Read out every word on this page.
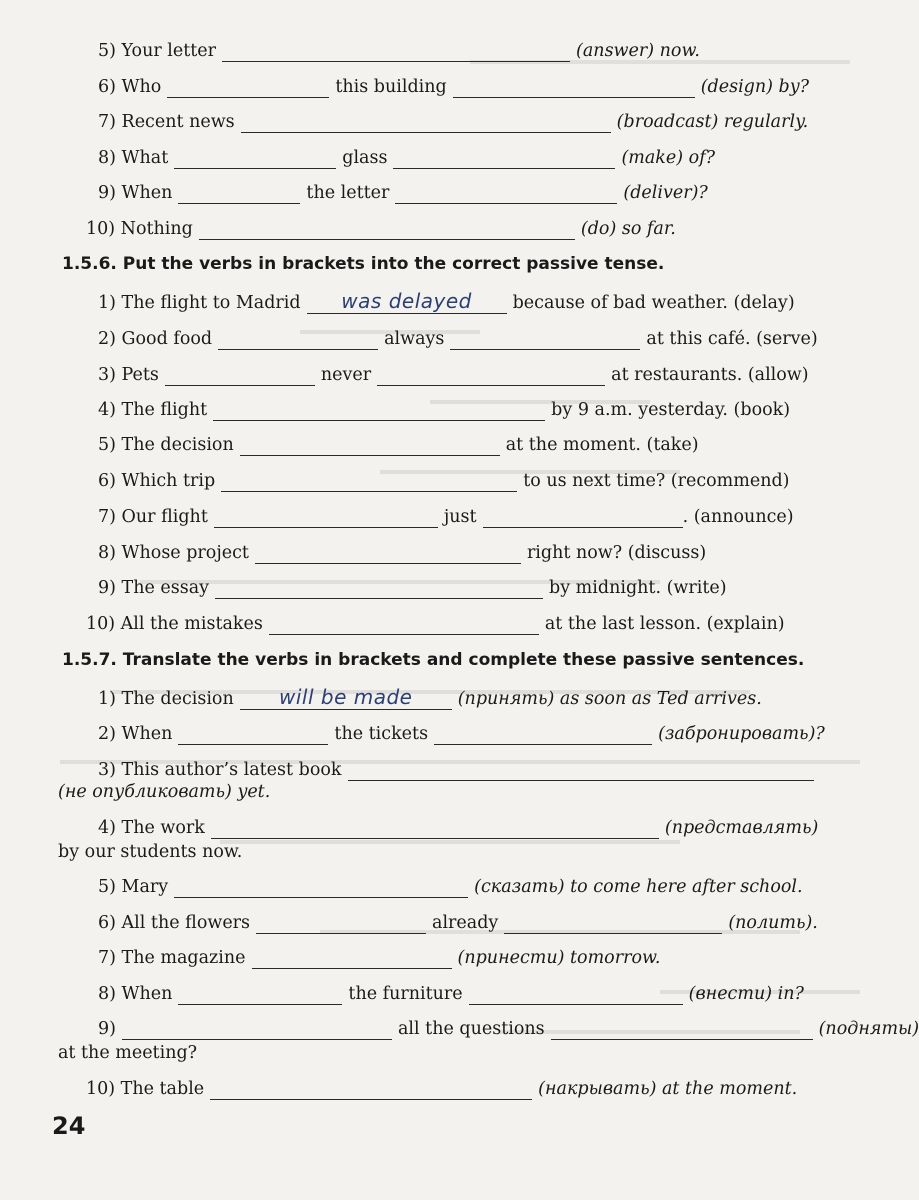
5) Your letter	(answer) now.
6) Who	this building	(design) by?
7) Recent news	(broadcast) regularly.
8) What	glass	(make) of?
9) When	the letter	(deliver)?
10) Nothing	(do) so far.
1.5.6. Put the verbs in brackets into the correct passive tense.
1) The flight to Madrid	was delayed	because of bad weather. (delay)
2) Good food	always	at this café. (serve)
3) Pets	never	at restaurants. (allow)
4) The flight	by 9 a.m. yesterday. (book)
5) The decision	at the moment. (take)
6) Which trip	to us next time? (recommend)
7) Our flight	just	. (announce)
8) Whose project	right now? (discuss)
9) The essay	by midnight. (write)
10) All the mistakes	at the last lesson. (explain)
1.5.7. Translate the verbs in brackets and complete these passive sentences.
1) The decision	will be made	(принять) as soon as Ted arrives.
2) When	the tickets	(забронировать)?
3) This author’s latest book
(не опубликовать) yet.
4) The work	(представлять)
by our students now.
5) Mary	(сказать) to come here after school.
6) All the flowers	already	(полить).
7) The magazine	(принести) tomorrow.
8) When	the furniture	(внести) in?
9)	all the questions	(подняты)
at the meeting?
10) The table	(накрывать) at the moment.
24
